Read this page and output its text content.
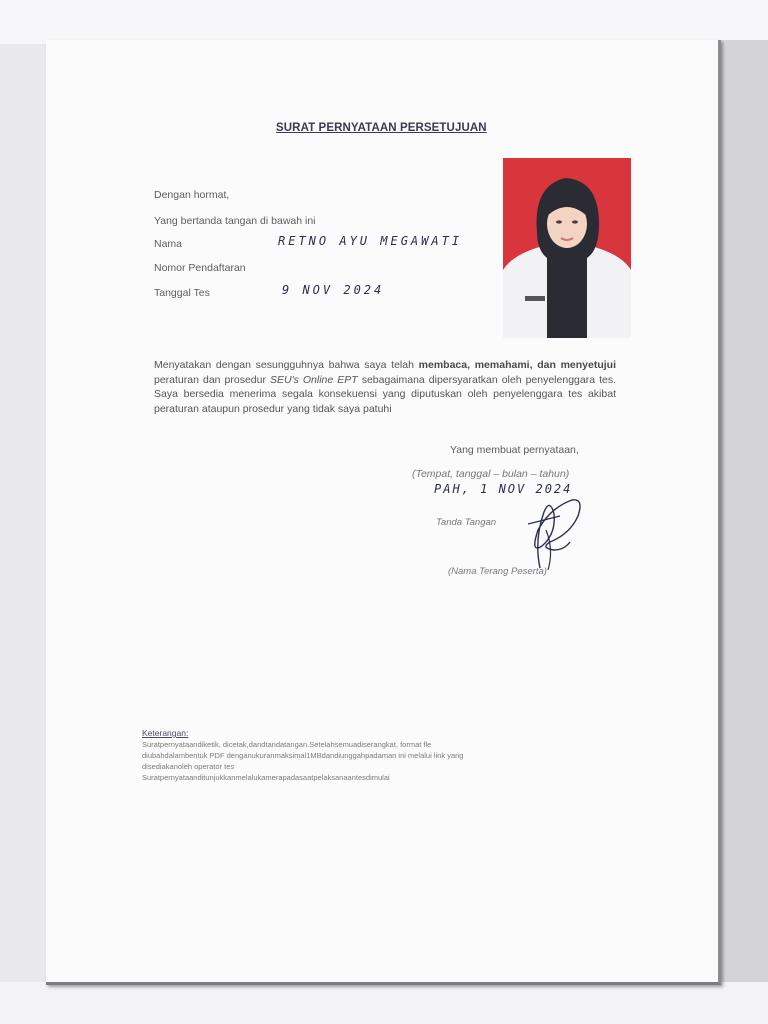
SURAT PERNYATAAN PERSETUJUAN
Dengan hormat,
Yang bertanda tangan di bawah ini
Nama	RETNO AYU MEGAWATI
Nomor Pendaftaran
Tanggal Tes	9 NOV 2024
Menyatakan dengan sesungguhnya bahwa saya telah membaca, memahami, dan menyetujui peraturan dan prosedur SEU's Online EPT sebagaimana dipersyaratkan oleh penyelenggara tes. Saya bersedia menerima segala konsekuensi yang diputuskan oleh penyelenggara tes akibat peraturan ataupun prosedur yang tidak saya patuhi
Yang membuat pernyataan,
(Tempat, tanggal – bulan – tahun)
PAH, 1 NOV 2024
Tanda Tangan
(Nama Terang Peserta)
Keterangan:
Suratpernyataandiketik, dicetak,dandtandatangan.Setelahsemuadiserangkat, format fle
diubahdalambentuk PDF denganukuranmaksimal1MBdandiunggahpadaman ini melalui link yang
disediakanoleh operator tes
Suratpernyataanditunjukkanmelalukamerapadasaatpelaksanaantesdimulai
